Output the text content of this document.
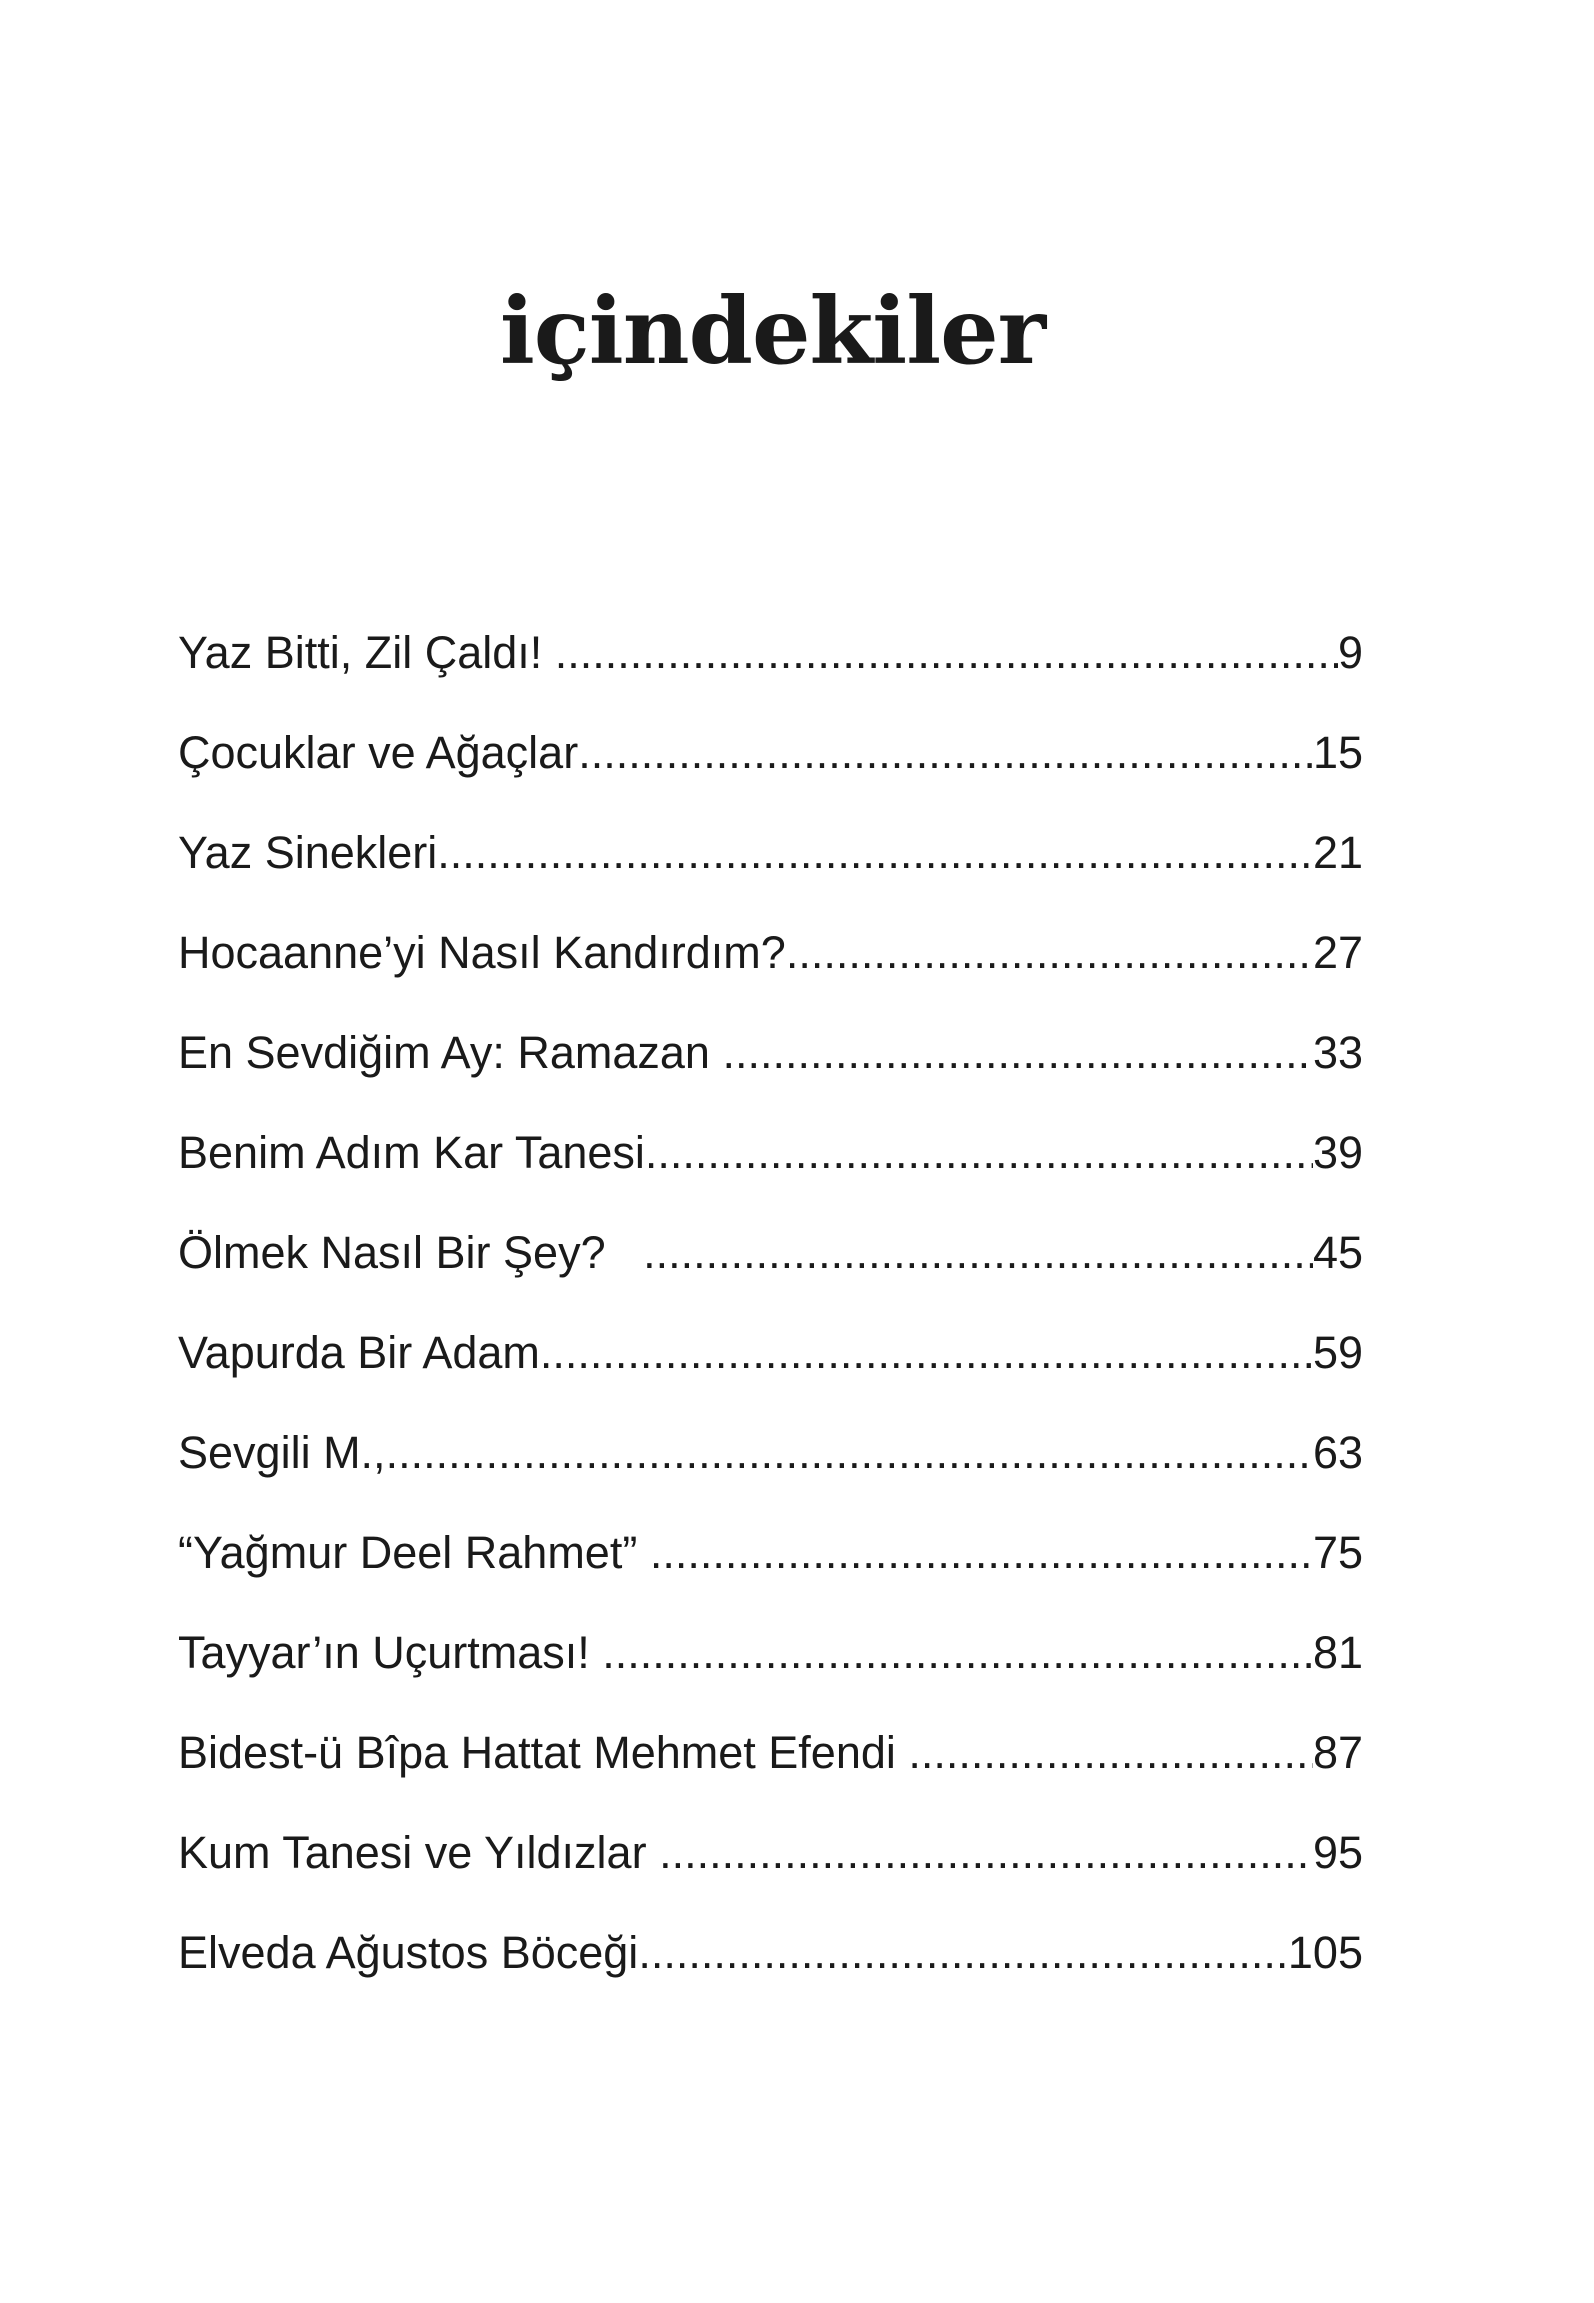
içindekiler
Yaz Bitti, Zil Çaldı! .....	9
Çocuklar ve Ağaçlar .....	15
Yaz Sinekleri .....	21
Hocaanne’yi Nasıl Kandırdım? .....	27
En Sevdiğim Ay: Ramazan .....	33
Benim Adım Kar Tanesi .....	39
Ölmek Nasıl Bir Şey? .....	45
Vapurda Bir Adam .....	59
Sevgili M., .....	63
“Yağmur Deel Rahmet” .....	75
Tayyar’ın Uçurtması! .....	81
Bidest-ü Bîpa Hattat Mehmet Efendi .....	87
Kum Tanesi ve Yıldızlar .....	95
Elveda Ağustos Böceği .....	105
